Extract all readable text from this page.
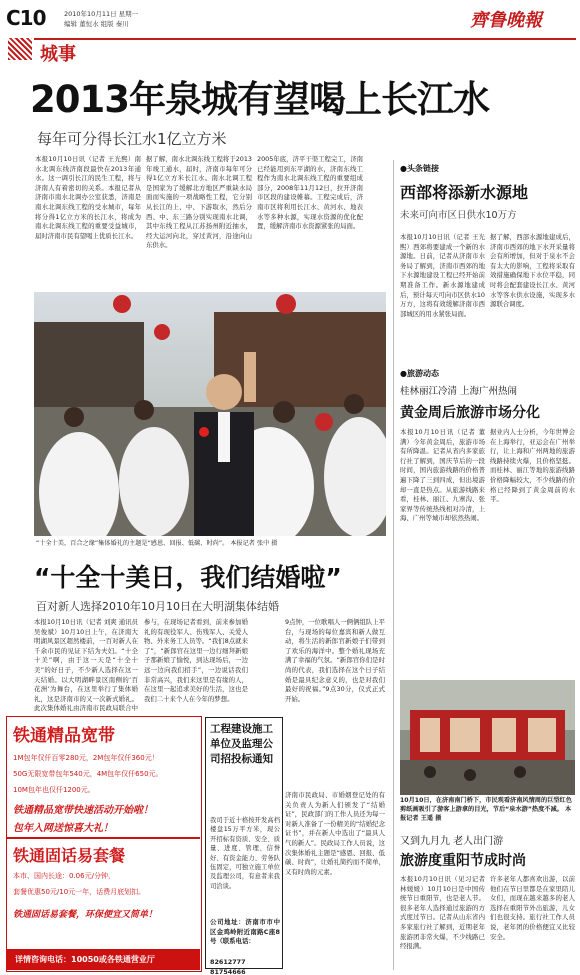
C10	2010年10月11日 星期一
编辑 董恒水 组版 秦川	齊鲁晚報
城事
2013年泉城有望喝上长江水
每年可分得长江水1亿立方米
本报10月10日讯（记者 王光熙）南水北调东线济南段最快在2013年通水。这一调引长江的民生工程，将与济南人有着密切的关系。本报记者从济南市南水北调办公室获悉，济南是南水北调东线工程的受水城市，每年将分得1亿立方米的长江水，将成为南水北调东线工程的重要受益城市，届时济南市民有望喝上优质长江水。
据了解，南水北调东线工程将于2013年竣工通水，届时，济南市每年可分得1亿立方米长江水。南水北调工程是国家为了缓解北方地区严重缺水局面而实施的一项战略性工程，它分别从长江的上、中、下游取水，然后分西、中、东三路分别实现南水北调，其中东线工程从江苏扬州附近抽水，经大运河向北，穿过黄河，沿途向山东供水。
2005年底，济平干渠工程完工，济南已经能用到东平湖的水，济南东线工程作为南水北调东线工程的重要组成部分，2008年11月12日，拉开济南市区段的建设帷幕。工程完成后，济南市区将利用长江水、黄河水、地表水等多种水源，实现水资源的优化配置，缓解济南市水资源紧张的局面。
“十全十美，百合之缘”集体婚礼的主题是“感恩、回报、低碳、时尚”。 本报记者 张中 摄
“十全十美日，我们结婚啦”
百对新人选择2010年10月10日在大明湖集体结婚
本报10月10日讯（记者 刘爽 通讯员 吴俊斌）10月10日上午，在济南大明湖风景区超然楼前，一百对新人在千余市民的见证下结为夫妇。“十全十美”啊，由于这一天是“十全十美”的好日子，不少新人选择在这一天结婚。以大明湖畔景区南侧的‘百花洲’为舞台，在这里举行了集体婚礼，这是济南市的又一次新式婚礼。此次集体婚礼由济南市民政局联合中
参与，在现场记者看到，前来参加婚礼的有现役军人、伤残军人、关爱人物、外来务工人员等。“我们8点就来了”，“新郎官在这里一边行细拜新娘子那新娘了愉悦，到达现场后，一边远一边向我们招手”，一边说话我们非常高兴，我们来这里是有缘的人，在这里一起追求美好的生活，这也是我们二十来个人在今年的梦想。
9点钟，一位歌唱人一俩俩组队上平台，与现场的每位嘉宾和新人做互动，将生活的新郎官新娘子们带到了欢乐的海洋中。整个婚礼现场充满了幸福的气氛。“新郎官你们是时尚的代表，我们选择在这个日子结婚是最具纪念意义的，也是对我们最好的祝福。”9点30分，仪式正式开始。
济南市民政局、市婚姻登记处的有关负责人为新人们颁发了“结婚证”，民政部门的工作人员还为每一对新人准备了一份精美的“结婚纪念证书”，并在新人中选出了“最具人气的新人”。民政局工作人员说，这次集体婚礼主题是“感恩、回报、低碳、时尚”，让婚礼简约而不简单，又有时尚的元素。
铁通精品宽带
1M包年仅仟百零280元，2M包年仅仟360元！
50G无限宽带包年540元，4M包年仅仟650元。
10M包年也仅仟1200元。
铁通精品宽带快速活动开始啦！
包年入网送惊喜大礼！
铁通固话易套餐
本市、国内长途：0.06元/分钟，
套餐优惠50元/10元一年，话费月底划扣。
铁通固话易套餐，环保便宜又简单！
详情咨询电话：10050或各铁通营业厅
工程建设施工单位及监理公司招投标通知
我司于近十格按开发高档楼盘15万平方米，现公开招标有资质、安全、质量、进度、管理、信誉好、有资金能力、劳务队伍固定，可独立施工单位及监理公司，有意者来我司洽谈。
公司地址：济南市市中区金鸡岭附近南路C座8号（联系电话：
82612777 81754666
●头条链接
西部将添新水源地
未来可向市区日供水10万方
本报10月10日讯（记者 王光熙）西郊将要建成一个新的水源地。日前，记者从济南市水务局了解到，济南市西郊的地下水源地建设工程已经开始前期准备工作。新水源地建成后，预计每天可向市区供水10万方，这将有效缓解济南市西部城区的用水紧张局面。
据了解，西部水源地建成后，济南市西郊的地下水开采量将会有所增加，但对于泉水不会有太大的影响，工程将采取有效措施确保地下水位平稳，同时将会配套建设长江水、黄河水等客水供水设施，实现多水源联合调度。
●旅游动态
桂林丽江冷清 上海广州热闹
黄金周后旅游市场分化
本报10月10日讯（记者 董满）今年黄金周后，旅游市场有所降温。记者从省内多家旅行社了解到，国庆节后的一段时间，国内旅游线路的价格普遍下降了三到四成，但出境游却一直是热点。从旅游线路来看，桂林、丽江、九寨沟、张家界等传统热线相对冷清，上海、广州等城市却依然热闹。
据业内人士分析，今年世博会在上海举行，亚运会在广州举行，让上海和广州两地的旅游线路持续火爆，且价格坚挺。而桂林、丽江等地的旅游线路价格降幅较大，不少线路的价格已经降到了黄金周前的水平。
10月10日，在济南南门桥下，市民观看济南风情周的巨型红色剪纸画吸引了游客上游拿的目光，节后“泉水游”热度不减。 本报记者 王遥 摄
又到九月九 老人出门游
旅游度重阳节成时尚
本报10月10日讯（见习记者 林媛媛）10月10日是中国传统节日重阳节，也是老人节。很多老年人选择通过旅游的方式度过节日。记者从山东省内多家旅行社了解到，近期老年旅游团非常火爆，不少线路已经报满。
许多老年人都喜欢出游，以前他们在节日里都是在家里陪儿女们，而现在越来越多的老人选择在重阳节外出旅游，儿女们也很支持。旅行社工作人员说，老年团的价格便宜又比较安全。
